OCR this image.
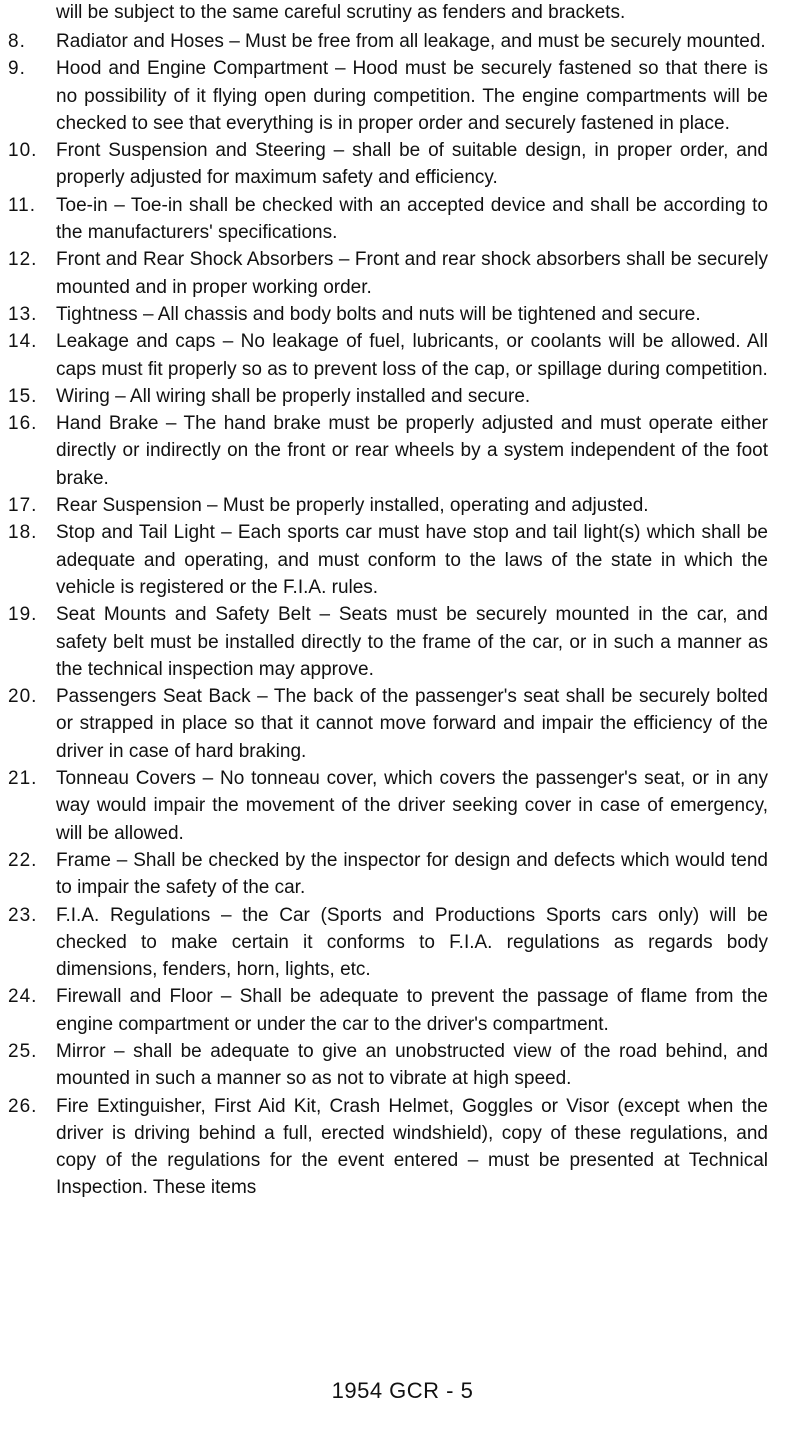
will be subject to the same careful scrutiny as fenders and brackets.
8.	Radiator and Hoses – Must be free from all leakage, and must be securely mounted.
9.	Hood and Engine Compartment – Hood must be securely fastened so that there is no possibility of it flying open during competition. The engine compartments will be checked to see that everything is in proper order and securely fastened in place.
10. Front Suspension and Steering – shall be of suitable design, in proper order, and properly adjusted for maximum safety and efficiency.
11.	Toe-in – Toe-in shall be checked with an accepted device and shall be according to the manufacturers' specifications.
12. Front and Rear Shock Absorbers – Front and rear shock absorbers shall be securely mounted and in proper working order.
13. Tightness – All chassis and body bolts and nuts will be tightened and secure.
14. Leakage and caps – No leakage of fuel, lubricants, or coolants will be allowed. All caps must fit properly so as to prevent loss of the cap, or spillage during competition.
15. Wiring – All wiring shall be properly installed and secure.
16. Hand Brake – The hand brake must be properly adjusted and must operate either directly or indirectly on the front or rear wheels by a system independent of the foot brake.
17. Rear Suspension – Must be properly installed, operating and adjusted.
18. Stop and Tail Light – Each sports car must have stop and tail light(s) which shall be adequate and operating, and must conform to the laws of the state in which the vehicle is registered or the F.I.A. rules.
19. Seat Mounts and Safety Belt – Seats must be securely mounted in the car, and safety belt must be installed directly to the frame of the car, or in such a manner as the technical inspection may approve.
20. Passengers Seat Back – The back of the passenger's seat shall be securely bolted or strapped in place so that it cannot move forward and impair the efficiency of the driver in case of hard braking.
21. Tonneau Covers – No tonneau cover, which covers the passenger's seat, or in any way would impair the movement of the driver seeking cover in case of emergency, will be allowed.
22. Frame – Shall be checked by the inspector for design and defects which would tend to impair the safety of the car.
23. F.I.A. Regulations – the Car (Sports and Productions Sports cars only) will be checked to make certain it conforms to F.I.A. regulations as regards body dimensions, fenders, horn, lights, etc.
24. Firewall and Floor – Shall be adequate to prevent the passage of flame from the engine compartment or under the car to the driver's compartment.
25. Mirror – shall be adequate to give an unobstructed view of the road behind, and mounted in such a manner so as not to vibrate at high speed.
26. Fire Extinguisher, First Aid Kit, Crash Helmet, Goggles or Visor (except when the driver is driving behind a full, erected windshield), copy of these regulations, and copy of the regulations for the event entered – must be presented at Technical Inspection. These items
1954 GCR - 5
